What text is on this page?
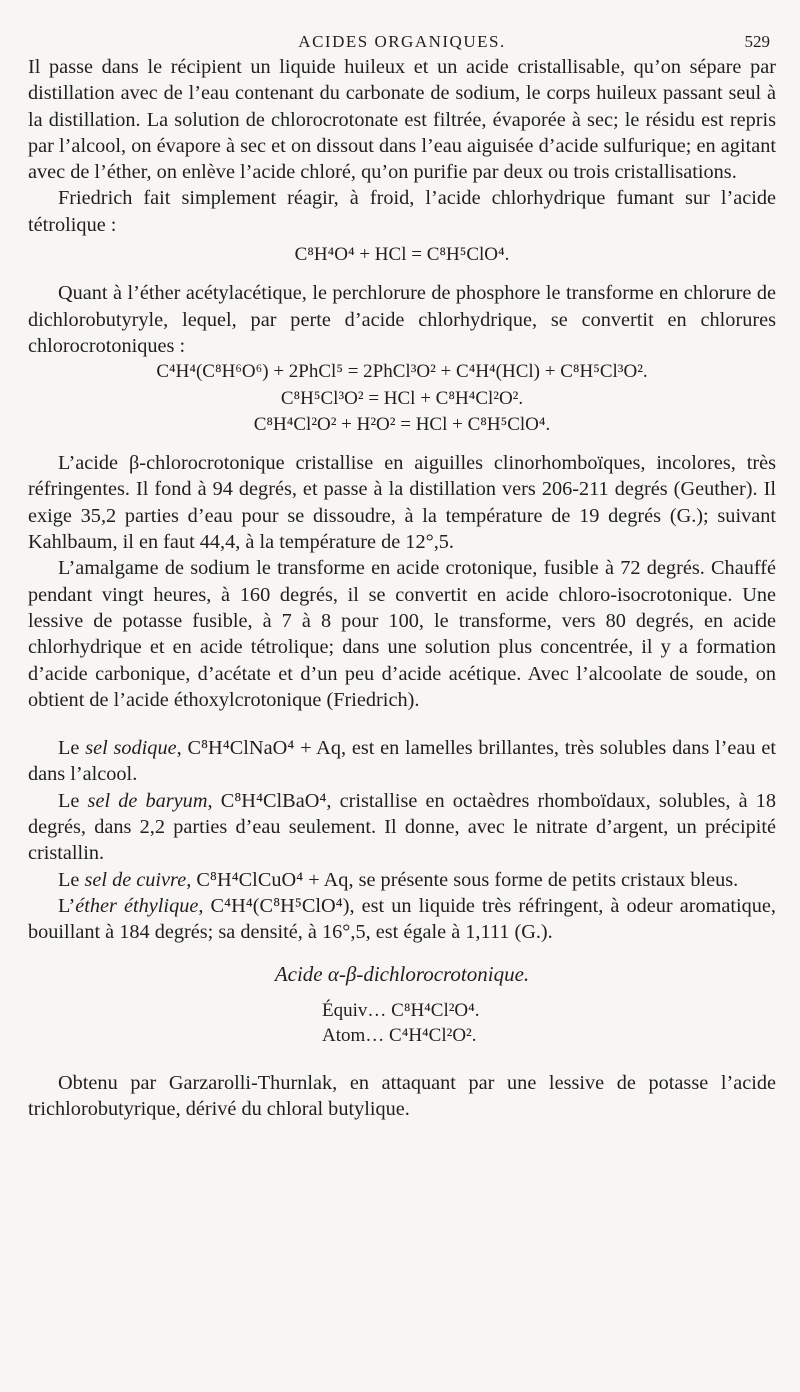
ACIDES ORGANIQUES.	529

Il passe dans le récipient un liquide huileux et un acide cristallisable, qu’on sépare par distillation avec de l’eau contenant du carbonate de sodium, le corps huileux passant seul à la distillation. La solution de chlorocrotonate est filtrée, évaporée à sec; le résidu est repris par l’alcool, on évapore à sec et on dissout dans l’eau aiguisée d’acide sulfurique; en agitant avec de l’éther, on enlève l’acide chloré, qu’on purifie par deux ou trois cristallisations.

Friedrich fait simplement réagir, à froid, l’acide chlorhydrique fumant sur l’acide tétrolique :

C⁸H⁴O⁴ + HCl = C⁸H⁵ClO⁴.

Quant à l’éther acétylacétique, le perchlorure de phosphore le transforme en chlorure de dichlorobutyryle, lequel, par perte d’acide chlorhydrique, se convertit en chlorures chlorocrotoniques :

C⁴H⁴(C⁸H⁶O⁶) + 2PhCl⁵ = 2PhCl³O² + C⁴H⁴(HCl) + C⁸H⁵Cl³O².

C⁸H⁵Cl³O² = HCl + C⁸H⁴Cl²O².

C⁸H⁴Cl²O² + H²O² = HCl + C⁸H⁵ClO⁴.

L’acide β-chlorocrotonique cristallise en aiguilles clinorhomboïques, incolores, très réfringentes. Il fond à 94 degrés, et passe à la distillation vers 206-211 degrés (Geuther). Il exige 35,2 parties d’eau pour se dissoudre, à la température de 19 degrés (G.); suivant Kahlbaum, il en faut 44,4, à la température de 12°,5.

L’amalgame de sodium le transforme en acide crotonique, fusible à 72 degrés. Chauffé pendant vingt heures, à 160 degrés, il se convertit en acide chloro-isocrotonique. Une lessive de potasse fusible, à 7 à 8 pour 100, le transforme, vers 80 degrés, en acide chlorhydrique et en acide tétrolique; dans une solution plus concentrée, il y a formation d’acide carbonique, d’acétate et d’un peu d’acide acétique. Avec l’alcoolate de soude, on obtient de l’acide éthoxylcrotonique (Friedrich).

Le sel sodique, C⁸H⁴ClNaO⁴ + Aq, est en lamelles brillantes, très solubles dans l’eau et dans l’alcool.

Le sel de baryum, C⁸H⁴ClBaO⁴, cristallise en octaèdres rhomboïdaux, solubles, à 18 degrés, dans 2,2 parties d’eau seulement. Il donne, avec le nitrate d’argent, un précipité cristallin.

Le sel de cuivre, C⁸H⁴ClCuO⁴ + Aq, se présente sous forme de petits cristaux bleus.

L’éther éthylique, C⁴H⁴(C⁸H⁵ClO⁴), est un liquide très réfringent, à odeur aromatique, bouillant à 184 degrés; sa densité, à 16°,5, est égale à 1,111 (G.).

Acide α-β-dichlorocrotonique.
Équiv… C⁸H⁴Cl²O⁴.
Atom… C⁴H⁴Cl²O².

Obtenu par Garzarolli-Thurnlak, en attaquant par une lessive de potasse l’acide trichlorobutyrique, dérivé du chloral butylique.
